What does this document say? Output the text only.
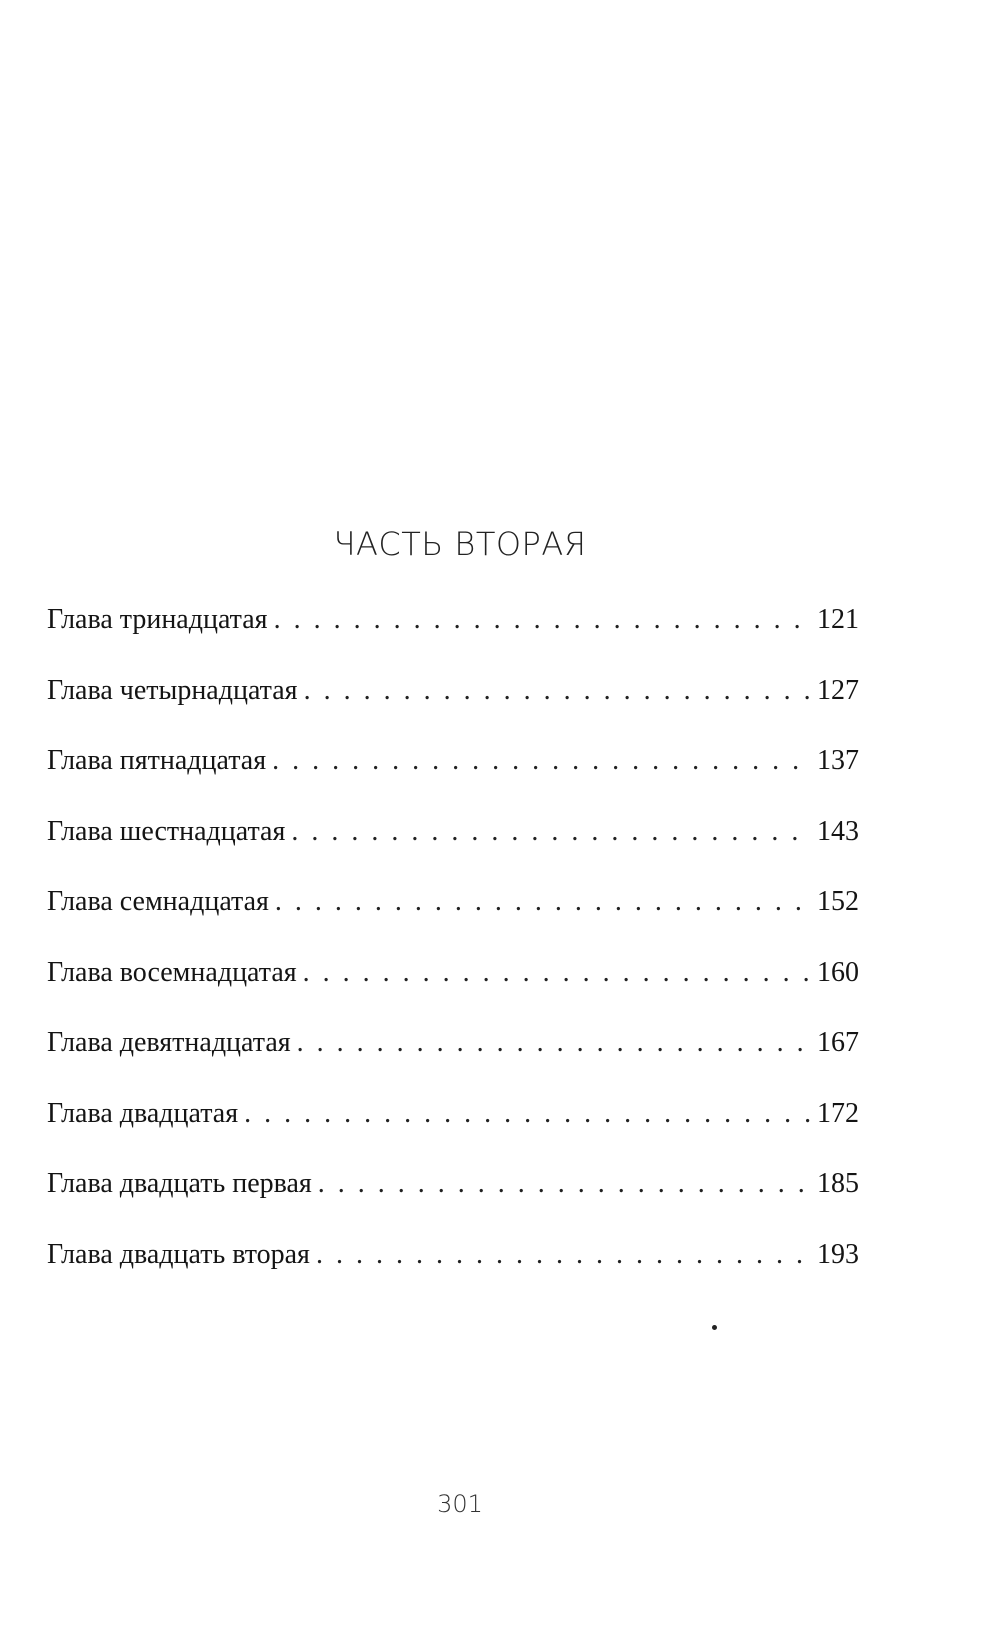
ЧАСТЬ ВТОРАЯ
Глава тринадцатая . . .	121
Глава четырнадцатая . . .	127
Глава пятнадцатая . . .	137
Глава шестнадцатая . . .	143
Глава семнадцатая . . .	152
Глава восемнадцатая . . .	160
Глава девятнадцатая . . .	167
Глава двадцатая . . .	172
Глава двадцать первая . . .	185
Глава двадцать вторая . . .	193
301
